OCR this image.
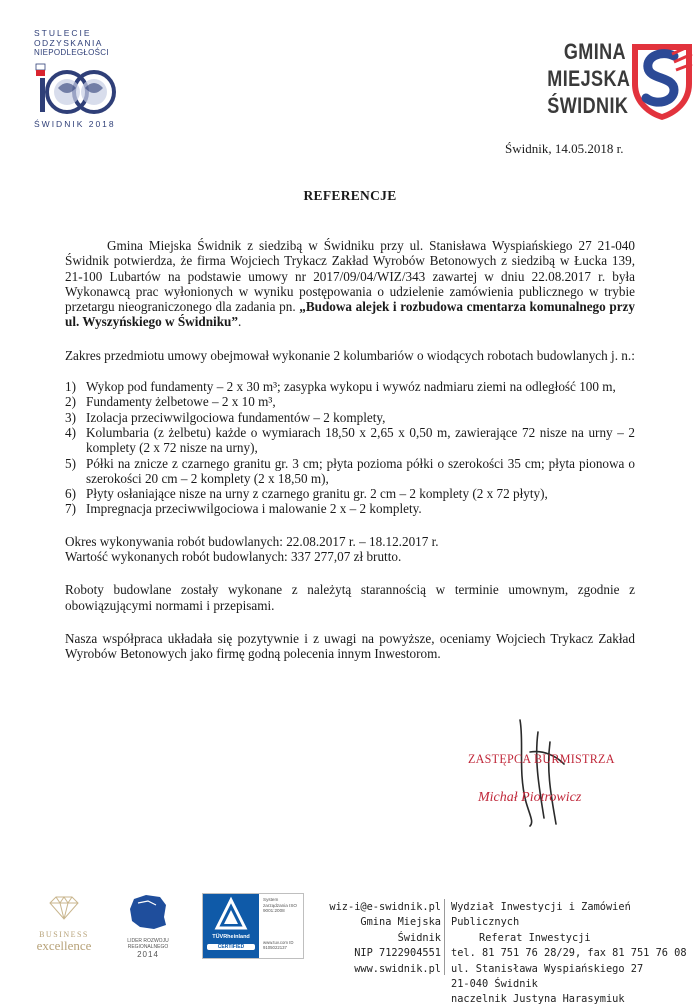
STULECIE
ODZYSKANIA
NIEPODLEGŁOŚCI
ŚWIDNIK 2018
GMINA
MIEJSKA
ŚWIDNIK
Świdnik, 14.05.2018 r.
REFERENCJE

Gmina Miejska Świdnik z siedzibą w Świdniku przy ul. Stanisława Wyspiańskiego 27 21-040 Świdnik potwierdza, że firma Wojciech Trykacz Zakład Wyrobów Betonowych z siedzibą w Łucka 139, 21-100 Lubartów na podstawie umowy nr 2017/09/04/WIZ/343 zawartej w dniu 22.08.2017 r. była Wykonawcą prac wyłonionych w wyniku postępowania o udzielenie zamówienia publicznego w trybie przetargu nieograniczonego dla zadania pn. „Budowa alejek i rozbudowa cmentarza komunalnego przy ul. Wyszyńskiego w Świdniku”.

Zakres przedmiotu umowy obejmował wykonanie 2 kolumbariów o wiodących robotach budowlanych j. n.:

1) Wykop pod fundamenty – 2 x 30 m³; zasypka wykopu i wywóz nadmiaru ziemi na odległość 100 m,
2) Fundamenty żelbetowe – 2 x 10 m³,
3) Izolacja przeciwwilgociowa fundamentów – 2 komplety,
4) Kolumbaria (z żelbetu) każde o wymiarach 18,50 x 2,65 x 0,50 m, zawierające 72 nisze na urny – 2 komplety (2 x 72 nisze na urny),
5) Półki na znicze z czarnego granitu gr. 3 cm; płyta pozioma półki o szerokości 35 cm; płyta pionowa o szerokości 20 cm – 2 komplety (2 x 18,50 m),
6) Płyty osłaniające nisze na urny z czarnego granitu gr. 2 cm – 2 komplety (2 x 72 płyty),
7) Impregnacja przeciwwilgociowa i malowanie 2 x – 2 komplety.

Okres wykonywania robót budowlanych: 22.08.2017 r. – 18.12.2017 r.

Wartość wykonanych robót budowlanych: 337 277,07 zł brutto.

Roboty budowlane zostały wykonane z należytą starannością w terminie umownym, zgodnie z obowiązującymi normami i przepisami.

Nasza współpraca układała się pozytywnie i z uwagi na powyższe, oceniamy Wojciech Trykacz Zakład Wyrobów Betonowych jako firmę godną polecenia innym Inwestorom.

ZASTĘPCA BURMISTRZA
Michał Piotrowicz
BUSINESS
excellence	LIDER ROZWOJU REGIONALNEGO
2014
TÜVRheinland
CERTIFIED
System zarządzania ISO 9001:2008
www.tuv.com ID 9105022137
wiz-i@e-swidnik.pl
Gmina Miejska Świdnik
NIP 7122904551
www.swidnik.pl
Wydział Inwestycji i Zamówień Publicznych
Referat Inwestycji
tel. 81 751 76 28/29, fax 81 751 76 08
ul. Stanisława Wyspiańskiego 27
21-040 Świdnik
naczelnik Justyna Harasymiuk
